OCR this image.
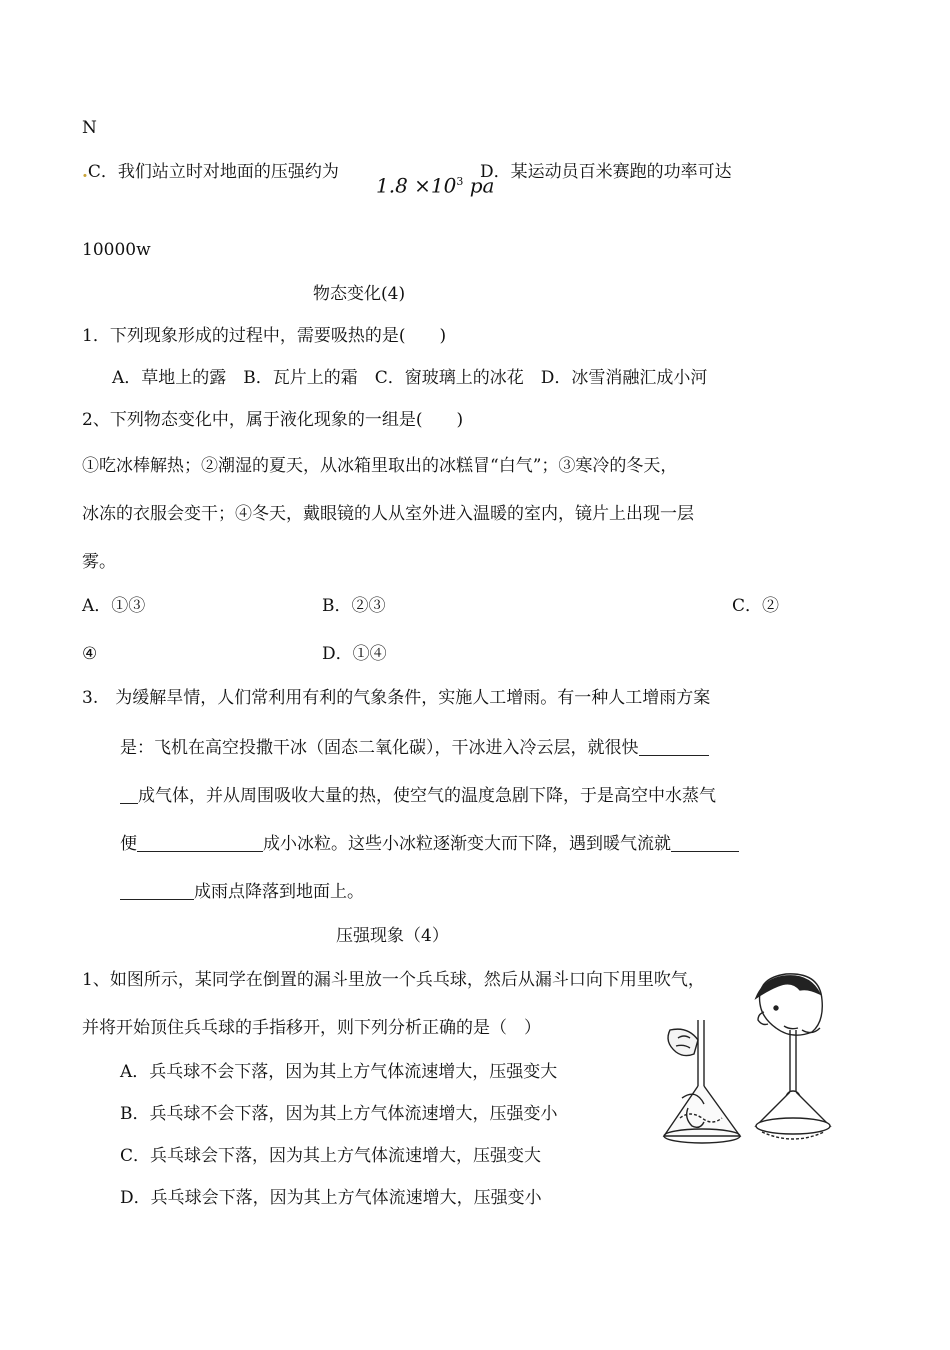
N
.C．我们站立时对地面的压强约为
$1.8 \times 10^3$ pa
D．某运动员百米赛跑的功率可达
10000w
物态变化(4)
1．下列现象形成的过程中，需要吸热的是(　　)
A．草地上的露　B．瓦片上的霜　C．窗玻璃上的冰花　D．冰雪消融汇成小河
2、下列物态变化中，属于液化现象的一组是(　　)
①吃冰棒解热；②潮湿的夏天，从冰箱里取出的冰糕冒“白气”；③寒冷的冬天，
冰冻的衣服会变干；④冬天，戴眼镜的人从室外进入温暖的室内，镜片上出现一层
雾。
A．①③	B．②③	C．②
④	D．①④
3.　为缓解旱情，人们常利用有利的气象条件，实施人工增雨。有一种人工增雨方案
是：飞机在高空投撒干冰（固态二氧化碳），干冰进入冷云层，就很快
成气体，并从周围吸收大量的热，使空气的温度急剧下降，于是高空中水蒸气
便	成小冰粒。这些小冰粒逐渐变大而下降，遇到暖气流就
成雨点降落到地面上。
压强现象（4）
1、如图所示，某同学在倒置的漏斗里放一个兵乓球，然后从漏斗口向下用里吹气，
并将开始顶住兵乓球的手指移开，则下列分析正确的是（　）
A．兵乓球不会下落，因为其上方气体流速增大，压强变大
B．兵乓球不会下落，因为其上方气体流速增大，压强变小
C．兵乓球会下落，因为其上方气体流速增大，压强变大
D．兵乓球会下落，因为其上方气体流速增大，压强变小
